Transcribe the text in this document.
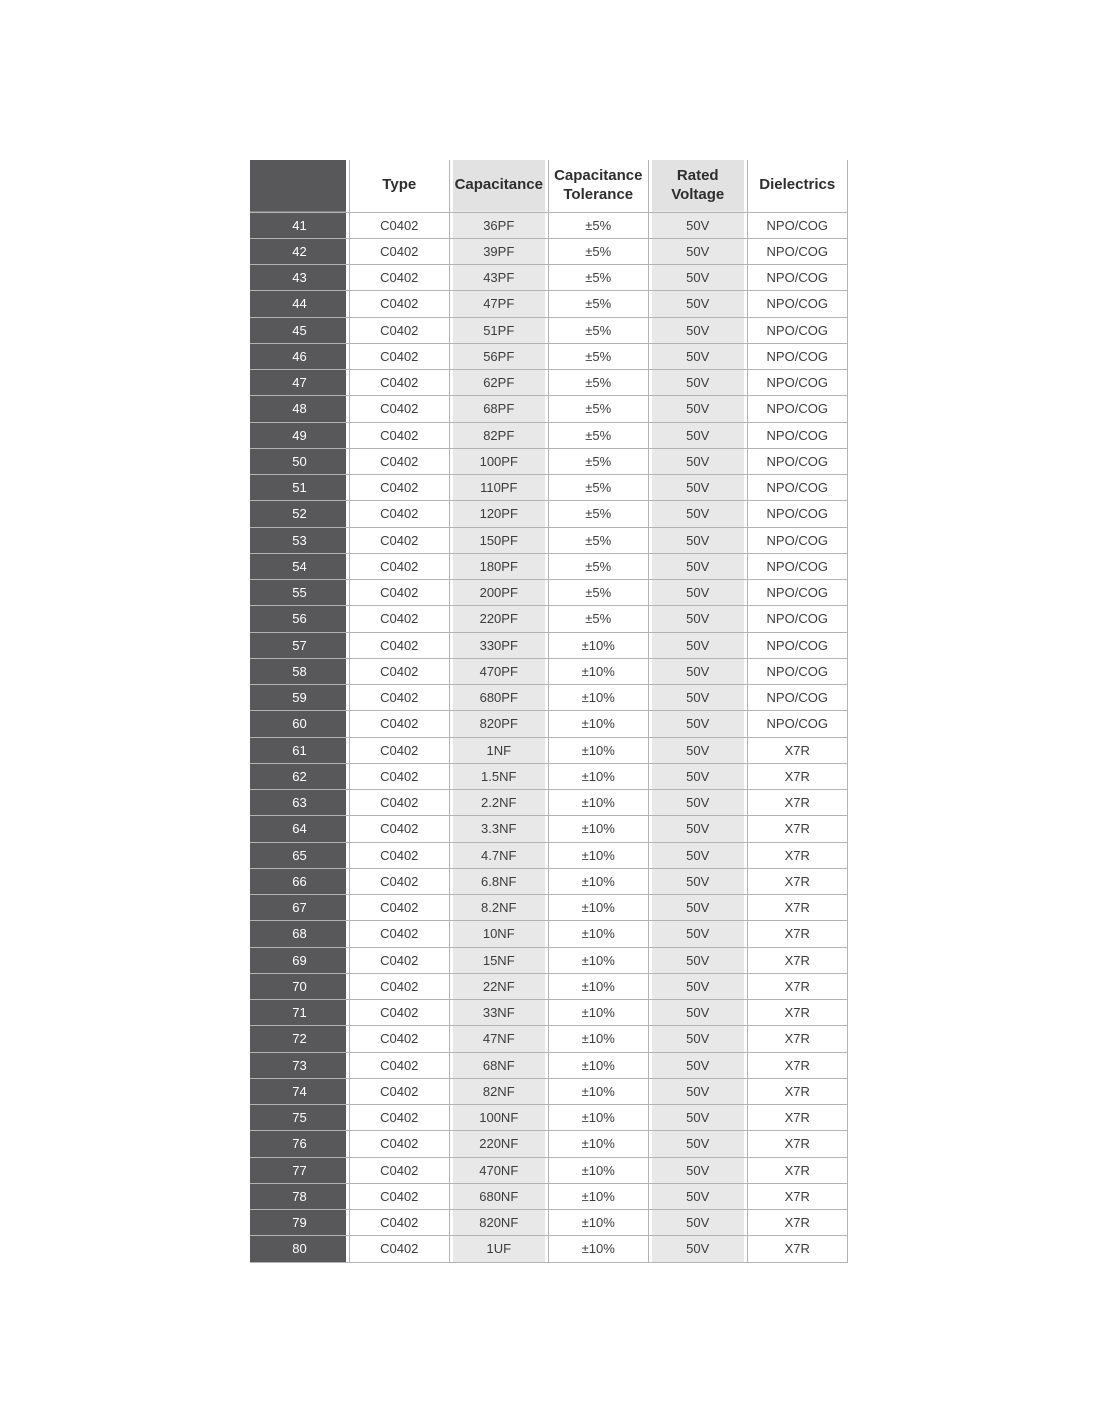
	Type	Capacitance	Capacitance Tolerance	Rated Voltage	Dielectrics
41	C0402	36PF	±5%	50V	NPO/COG
42	C0402	39PF	±5%	50V	NPO/COG
43	C0402	43PF	±5%	50V	NPO/COG
44	C0402	47PF	±5%	50V	NPO/COG
45	C0402	51PF	±5%	50V	NPO/COG
46	C0402	56PF	±5%	50V	NPO/COG
47	C0402	62PF	±5%	50V	NPO/COG
48	C0402	68PF	±5%	50V	NPO/COG
49	C0402	82PF	±5%	50V	NPO/COG
50	C0402	100PF	±5%	50V	NPO/COG
51	C0402	110PF	±5%	50V	NPO/COG
52	C0402	120PF	±5%	50V	NPO/COG
53	C0402	150PF	±5%	50V	NPO/COG
54	C0402	180PF	±5%	50V	NPO/COG
55	C0402	200PF	±5%	50V	NPO/COG
56	C0402	220PF	±5%	50V	NPO/COG
57	C0402	330PF	±10%	50V	NPO/COG
58	C0402	470PF	±10%	50V	NPO/COG
59	C0402	680PF	±10%	50V	NPO/COG
60	C0402	820PF	±10%	50V	NPO/COG
61	C0402	1NF	±10%	50V	X7R
62	C0402	1.5NF	±10%	50V	X7R
63	C0402	2.2NF	±10%	50V	X7R
64	C0402	3.3NF	±10%	50V	X7R
65	C0402	4.7NF	±10%	50V	X7R
66	C0402	6.8NF	±10%	50V	X7R
67	C0402	8.2NF	±10%	50V	X7R
68	C0402	10NF	±10%	50V	X7R
69	C0402	15NF	±10%	50V	X7R
70	C0402	22NF	±10%	50V	X7R
71	C0402	33NF	±10%	50V	X7R
72	C0402	47NF	±10%	50V	X7R
73	C0402	68NF	±10%	50V	X7R
74	C0402	82NF	±10%	50V	X7R
75	C0402	100NF	±10%	50V	X7R
76	C0402	220NF	±10%	50V	X7R
77	C0402	470NF	±10%	50V	X7R
78	C0402	680NF	±10%	50V	X7R
79	C0402	820NF	±10%	50V	X7R
80	C0402	1UF	±10%	50V	X7R
